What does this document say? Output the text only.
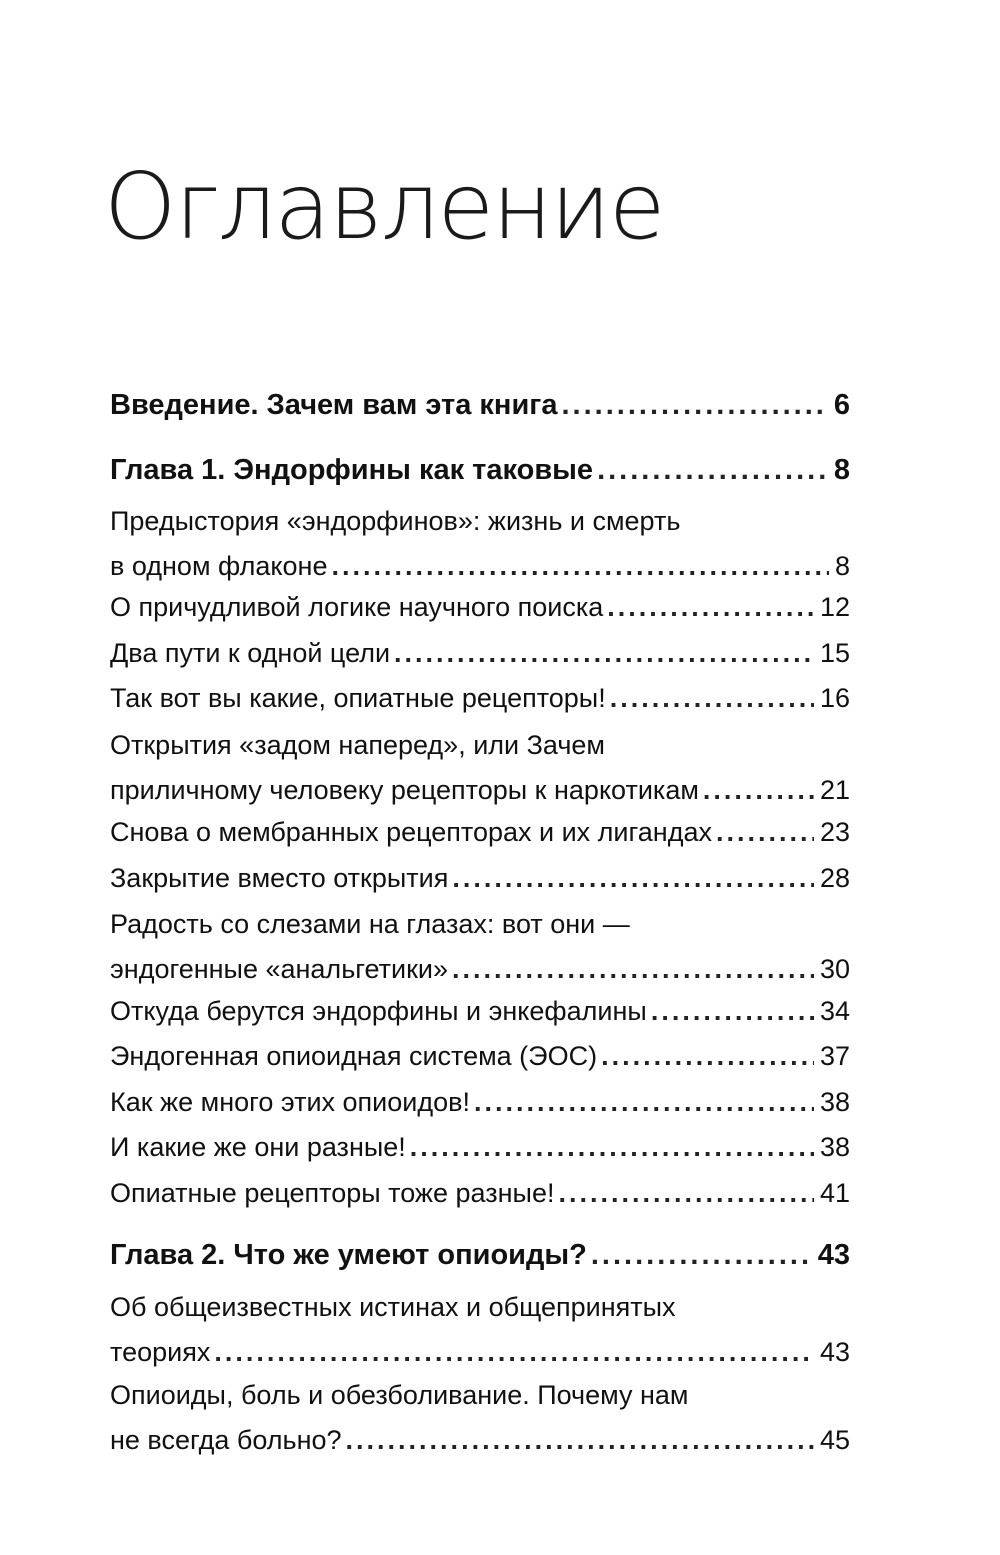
Оглавление
Введение. Зачем вам эта книга .....	6
Глава 1. Эндорфины как таковые .....	8
Предыстория «эндорфинов»: жизнь и смерть
в одном флаконе .....	8
О причудливой логике научного поиска .....	12
Два пути к одной цели .....	15
Так вот вы какие, опиатные рецепторы! .....	16
Открытия «задом наперед», или Зачем
приличному человеку рецепторы к наркотикам .....	21
Снова о мембранных рецепторах и их лигандах .....	23
Закрытие вместо открытия .....	28
Радость со слезами на глазах: вот они —
эндогенные «анальгетики» .....	30
Откуда берутся эндорфины и энкефалины .....	34
Эндогенная опиоидная система (ЭОС) .....	37
Как же много этих опиоидов! .....	38
И какие же они разные! .....	38
Опиатные рецепторы тоже разные! .....	41
Глава 2. Что же умеют опиоиды? .....	43
Об общеизвестных истинах и общепринятых
теориях .....	43
Опиоиды, боль и обезболивание. Почему нам
не всегда больно? .....	45
